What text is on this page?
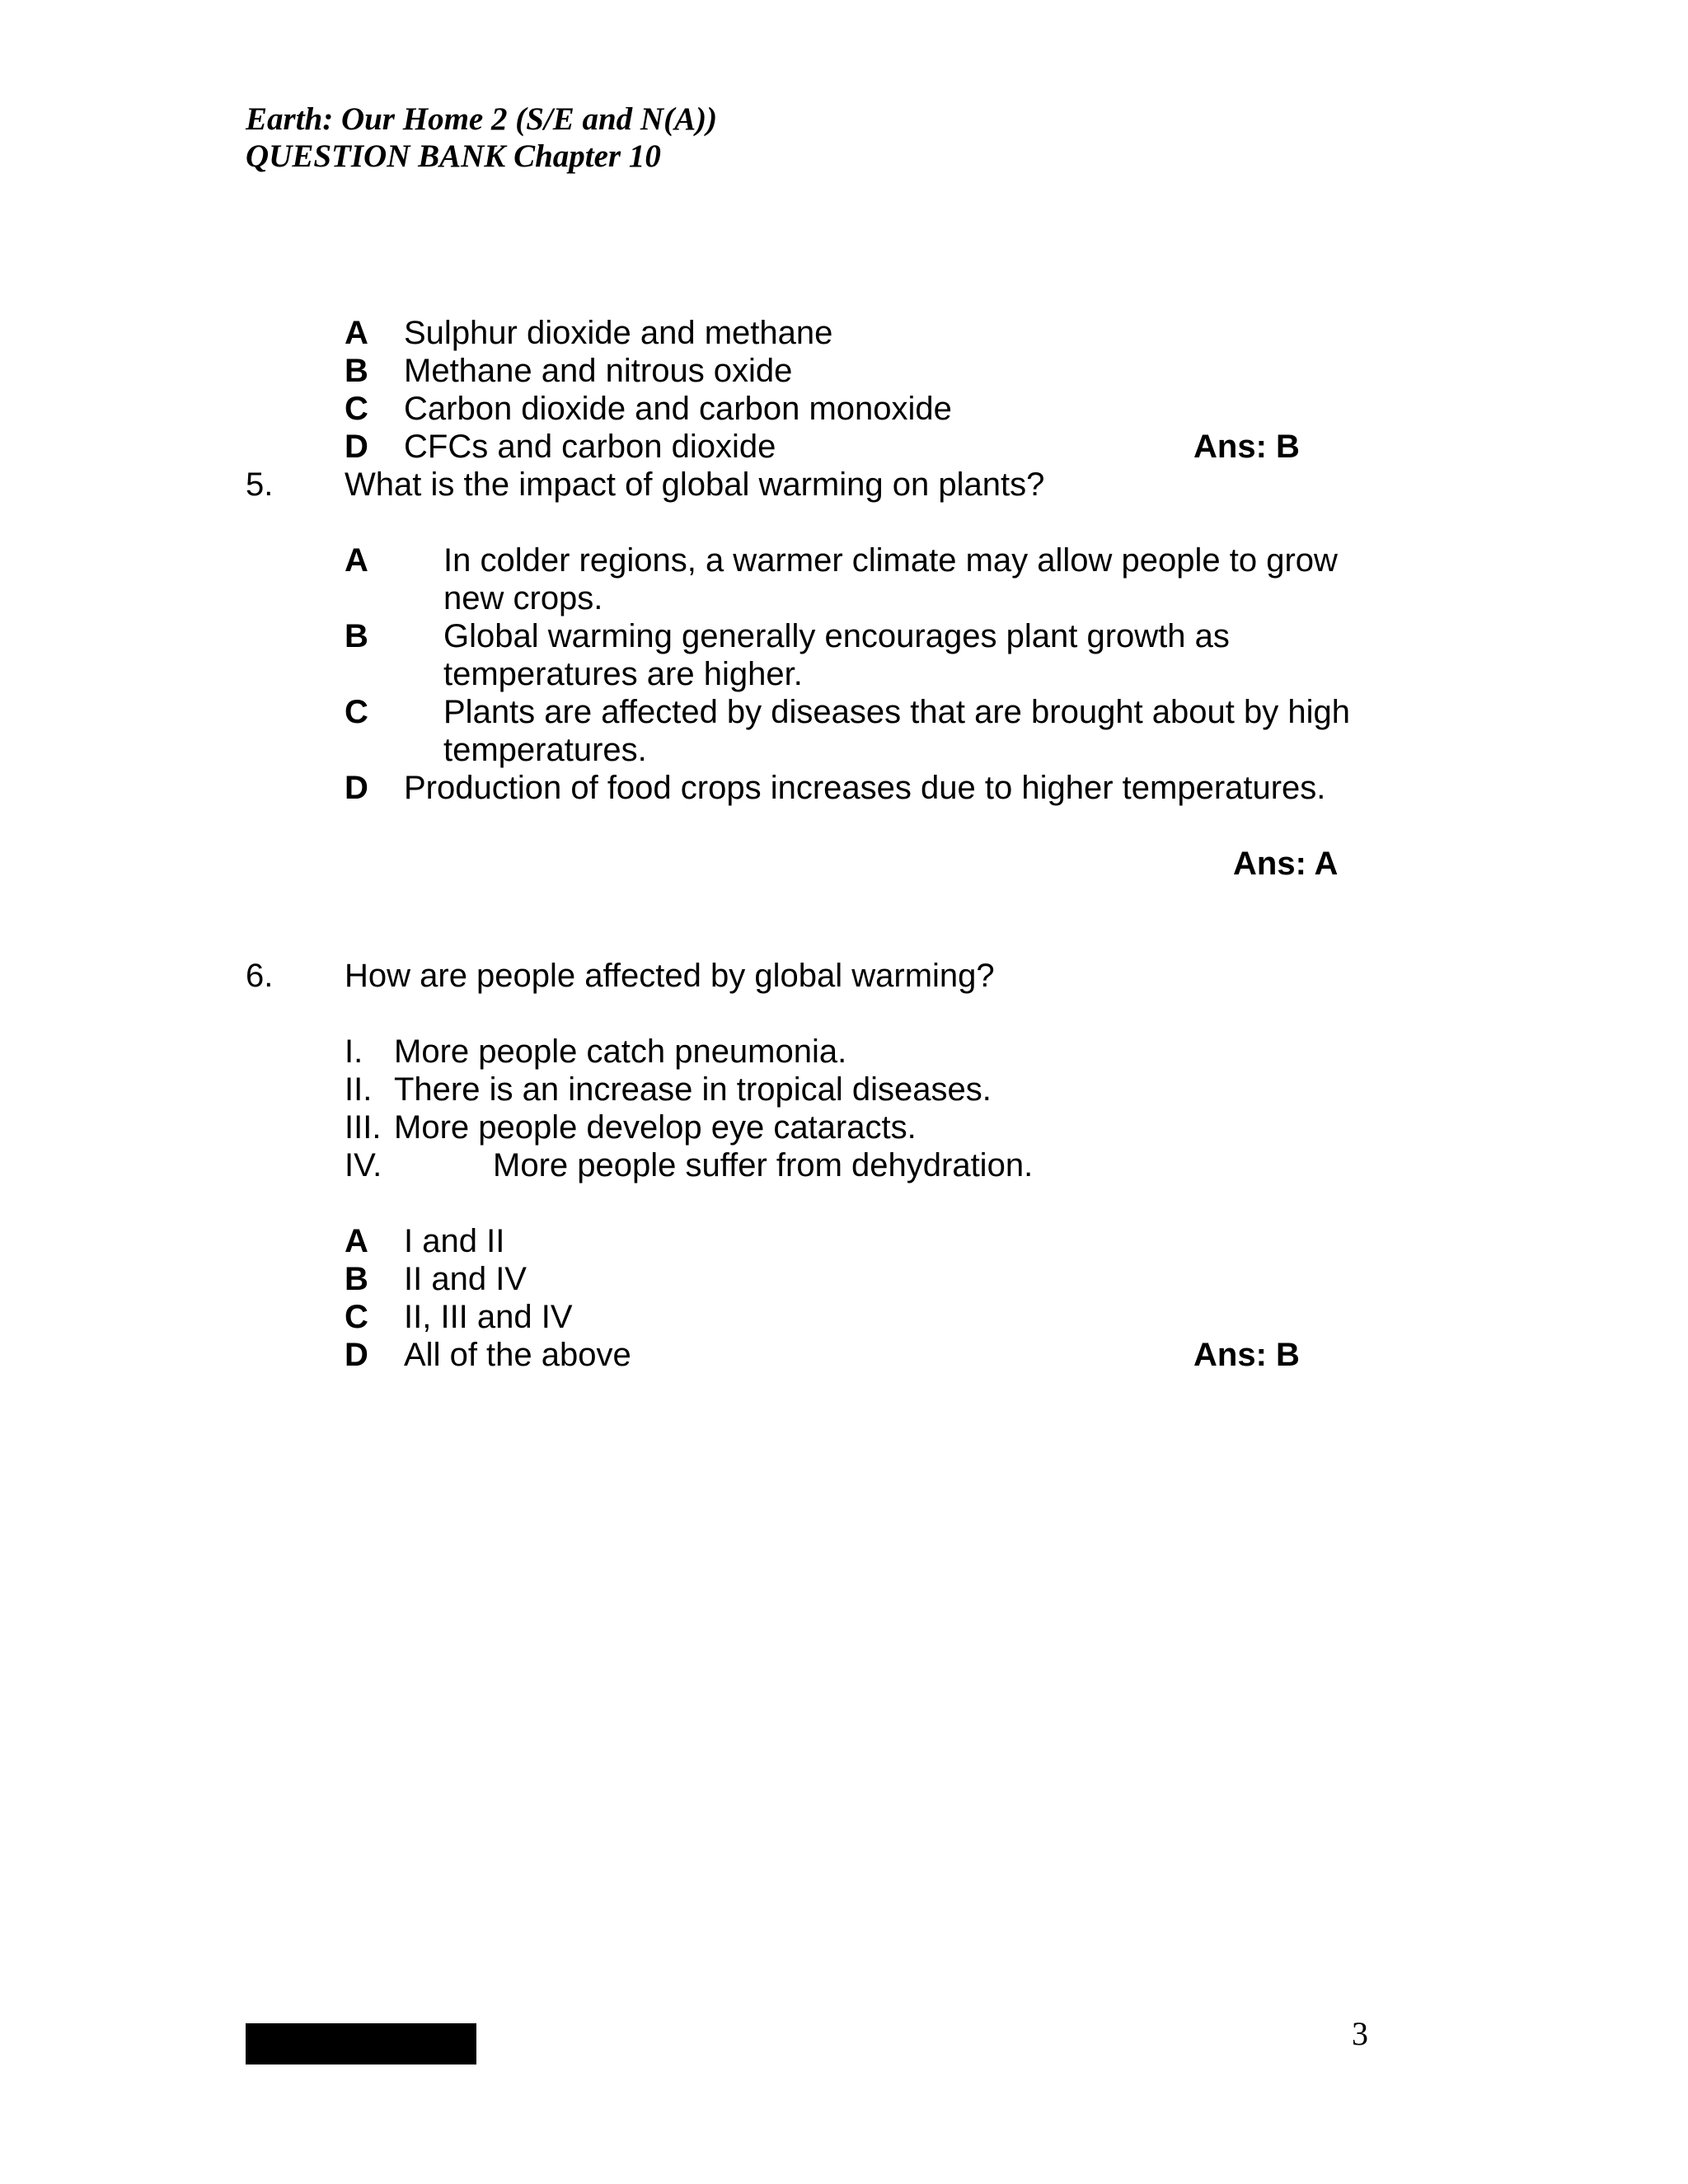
Earth: Our Home 2 (S/E and N(A))
QUESTION BANK Chapter 10
A Sulphur dioxide and methane
B Methane and nitrous oxide
C Carbon dioxide and carbon monoxide
D CFCs and carbon dioxide	Ans: B
5. What is the impact of global warming on plants?
A In colder regions, a warmer climate may allow people to grow
new crops.
B Global warming generally encourages plant growth as
temperatures are higher.
C Plants are affected by diseases that are brought about by high
temperatures.
D Production of food crops increases due to higher temperatures.
Ans: A
6. How are people affected by global warming?
I. More people catch pneumonia.
II. There is an increase in tropical diseases.
III. More people develop eye cataracts.
IV.	More people suffer from dehydration.
A I and II
B II and IV
C II, III and IV
D All of the above	Ans: B
3
